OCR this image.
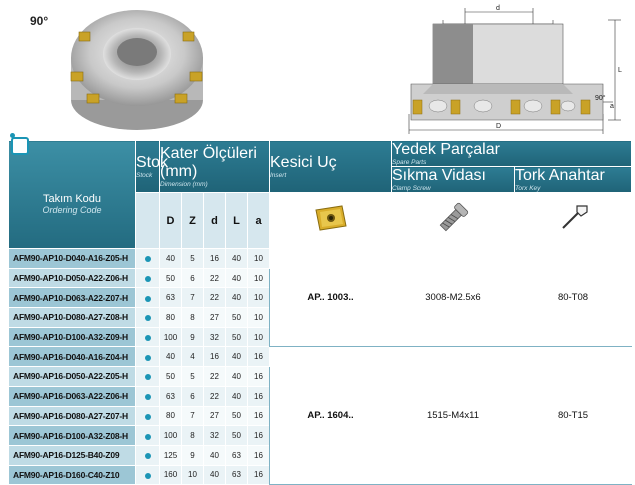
90°
d
D
L
a
90°
Takım Kodu
Ordering Code	Stok
Stock	Kater Ölçüleri (mm)
Dimension (mm)					Kesici Uç
Insert	Yedek Parçalar
Spare Parts	

								Sıkma Vidası
Clamp Screw	Tork Anahtar
Torx Key

		D	Z	d	L	a			
AFM90-AP10-D040-A16-Z05-H		40	5	16	40	10	AP.. 1003..	3008-M2.5x6	80-T08
AFM90-AP10-D050-A22-Z06-H		50	6	22	40	10			
AFM90-AP10-D063-A22-Z07-H		63	7	22	40	10			
AFM90-AP10-D080-A27-Z08-H		80	8	27	50	10			
AFM90-AP10-D100-A32-Z09-H		100	9	32	50	10			
AFM90-AP16-D040-A16-Z04-H		40	4	16	40	16	AP.. 1604..	1515-M4x11	80-T15
AFM90-AP16-D050-A22-Z05-H		50	5	22	40	16			
AFM90-AP16-D063-A22-Z06-H		63	6	22	40	16			
AFM90-AP16-D080-A27-Z07-H		80	7	27	50	16			
AFM90-AP16-D100-A32-Z08-H		100	8	32	50	16			
AFM90-AP16-D125-B40-Z09		125	9	40	63	16			
AFM90-AP16-D160-C40-Z10		160	10	40	63	16			
